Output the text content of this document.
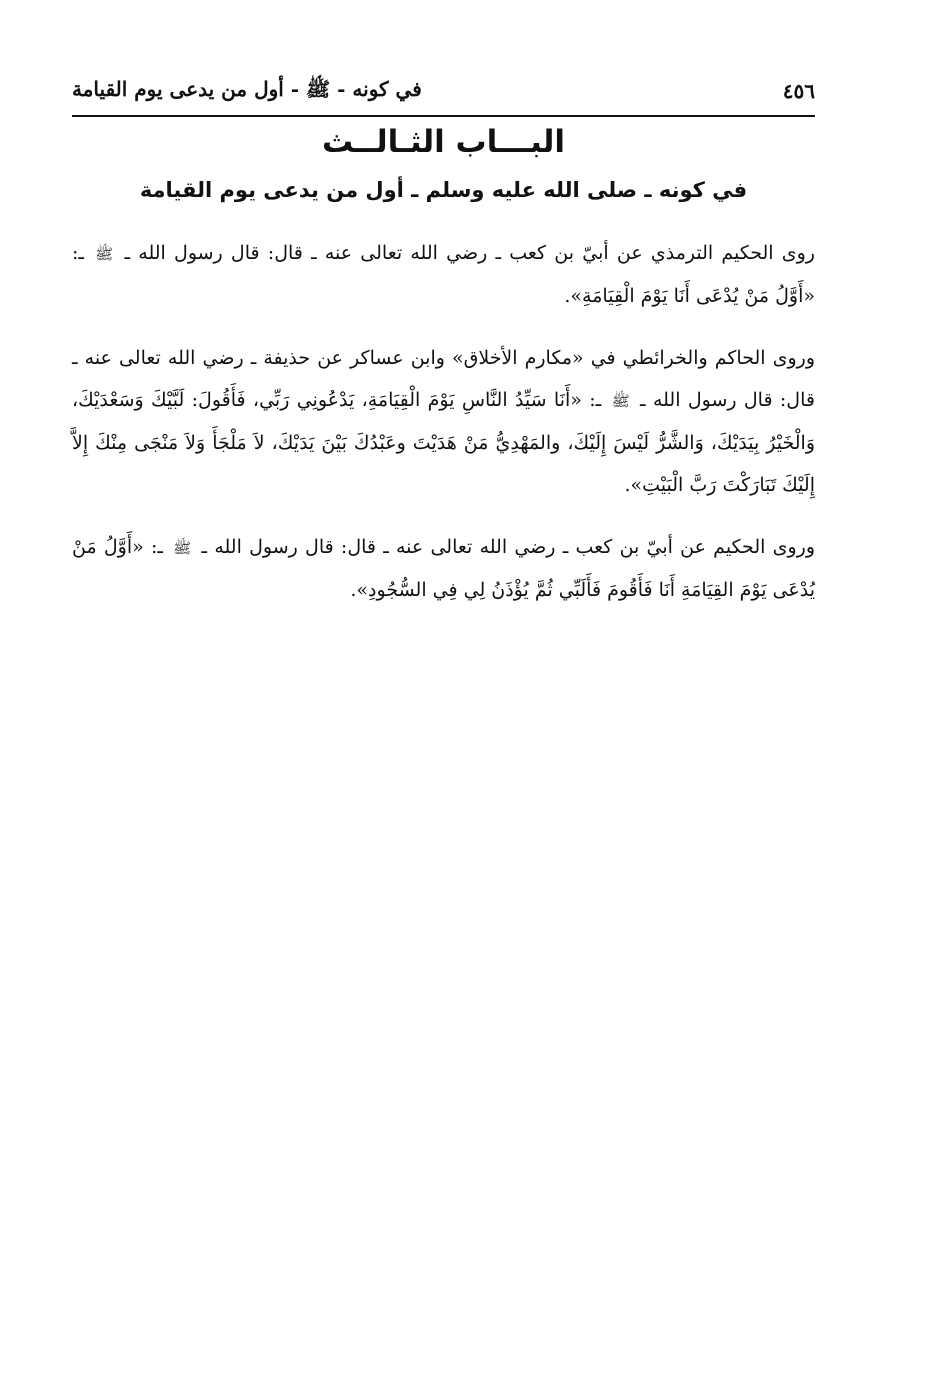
٤٥٦
في كونه - ﷺ - أول من يدعى يوم القيامة
البـــاب الثـالــث
في كونه ـ صلى الله عليه وسلم ـ أول من يدعى يوم القيامة

روى الحكيم الترمذي عن أبيّ بن كعب ـ رضي الله تعالى عنه ـ قال: قال رسول الله ـ ﷺ ـ: «أَوَّلُ مَنْ يُدْعَى أَنَا يَوْمَ الْقِيَامَةِ».

وروى الحاكم والخرائطي في «مكارم الأخلاق» وابن عساكر عن حذيفة ـ رضي الله تعالى عنه ـ قال: قال رسول الله ـ ﷺ ـ: «أَنَا سَيِّدُ النَّاسِ يَوْمَ الْقِيَامَةِ، يَدْعُونِي رَبِّي، فَأَقُولَ: لَبَّيْكَ وَسَعْدَيْكَ، وَالْخَيْرُ بِيَدَيْكَ، وَالشَّرُّ لَيْسَ إِلَيْكَ، والمَهْدِيُّ مَنْ هَدَيْتَ وعَبْدُكَ بَيْنَ يَدَيْكَ، لاَ مَلْجَأَ وَلاَ مَنْجَى مِنْكَ إِلاَّ إِلَيْكَ تَبَارَكْتَ رَبَّ الْبَيْتِ».

وروى الحكيم عن أبيّ بن كعب ـ رضي الله تعالى عنه ـ قال: قال رسول الله ـ ﷺ ـ: «أَوَّلُ مَنْ يُدْعَى يَوْمَ القِيَامَةِ أَنَا فَأَقُومَ فَأَلَبِّي ثُمَّ يُؤْذَنُ لِي فِي السُّجُودِ».
